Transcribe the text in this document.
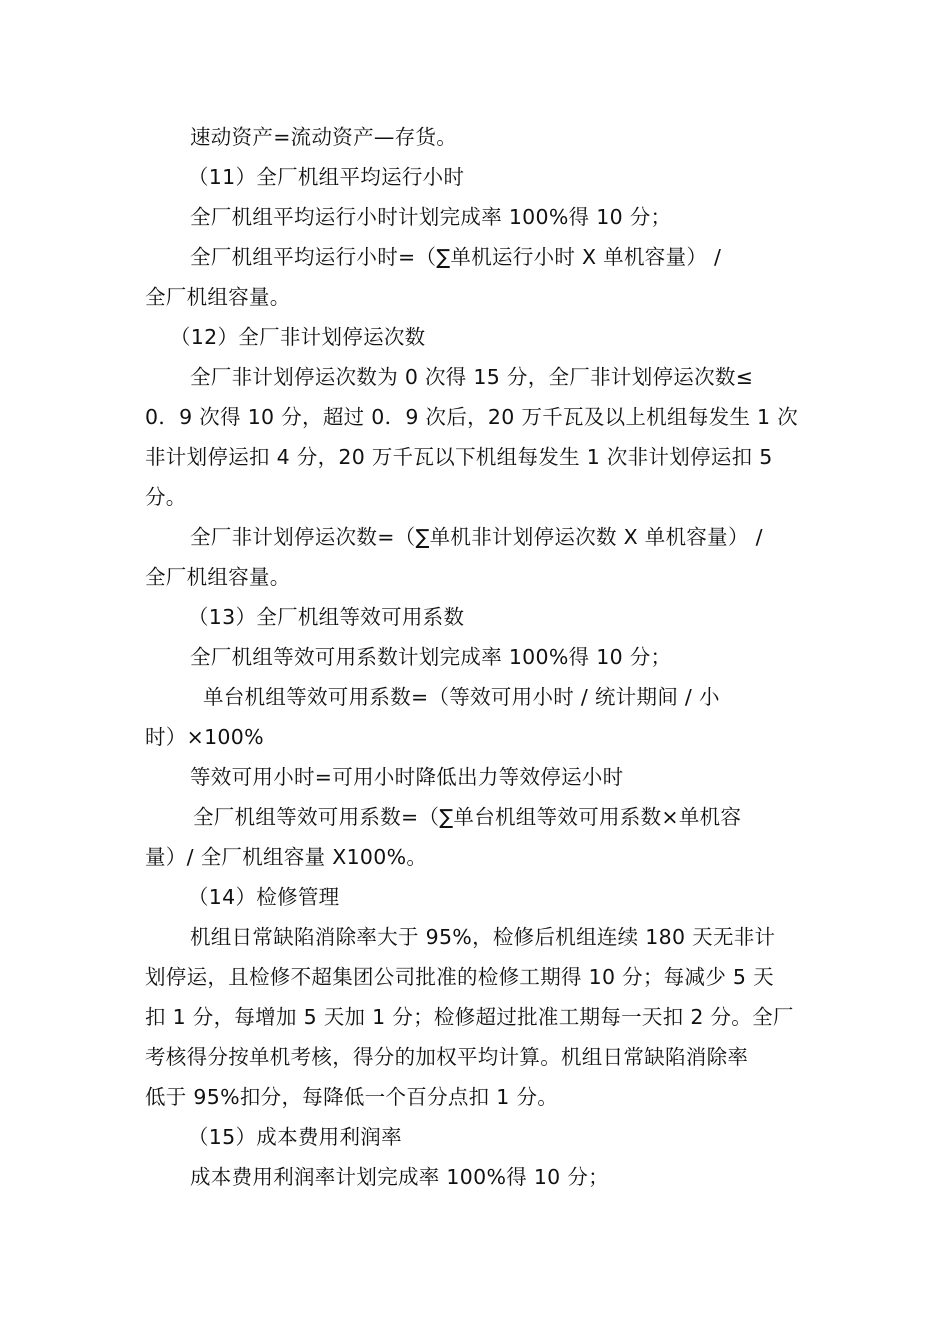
速动资产=流动资产—存货。
（11）全厂机组平均运行小时
全厂机组平均运行小时计划完成率 100%得 10 分；
全厂机组平均运行小时=（∑单机运行小时 X 单机容量） /
全厂机组容量。
（12）全厂非计划停运次数
全厂非计划停运次数为 0 次得 15 分，全厂非计划停运次数≤
0．9 次得 10 分，超过 0．9 次后，20 万千瓦及以上机组每发生 1 次
非计划停运扣 4 分，20 万千瓦以下机组每发生 1 次非计划停运扣 5
分。
全厂非计划停运次数=（∑单机非计划停运次数 X 单机容量） /
全厂机组容量。
（13）全厂机组等效可用系数
全厂机组等效可用系数计划完成率 100%得 10 分；
单台机组等效可用系数=（等效可用小时 / 统计期间 / 小
时）×100%
等效可用小时=可用小时降低出力等效停运小时
全厂机组等效可用系数=（∑单台机组等效可用系数×单机容
量）/ 全厂机组容量 X100%。
（14）检修管理
机组日常缺陷消除率大于 95%，检修后机组连续 180 天无非计
划停运，且检修不超集团公司批准的检修工期得 10 分；每减少 5 天
扣 1 分，每增加 5 天加 1 分；检修超过批准工期每一天扣 2 分。全厂
考核得分按单机考核，得分的加权平均计算。机组日常缺陷消除率
低于 95%扣分，每降低一个百分点扣 1 分。
（15）成本费用利润率
成本费用利润率计划完成率 100%得 10 分；
